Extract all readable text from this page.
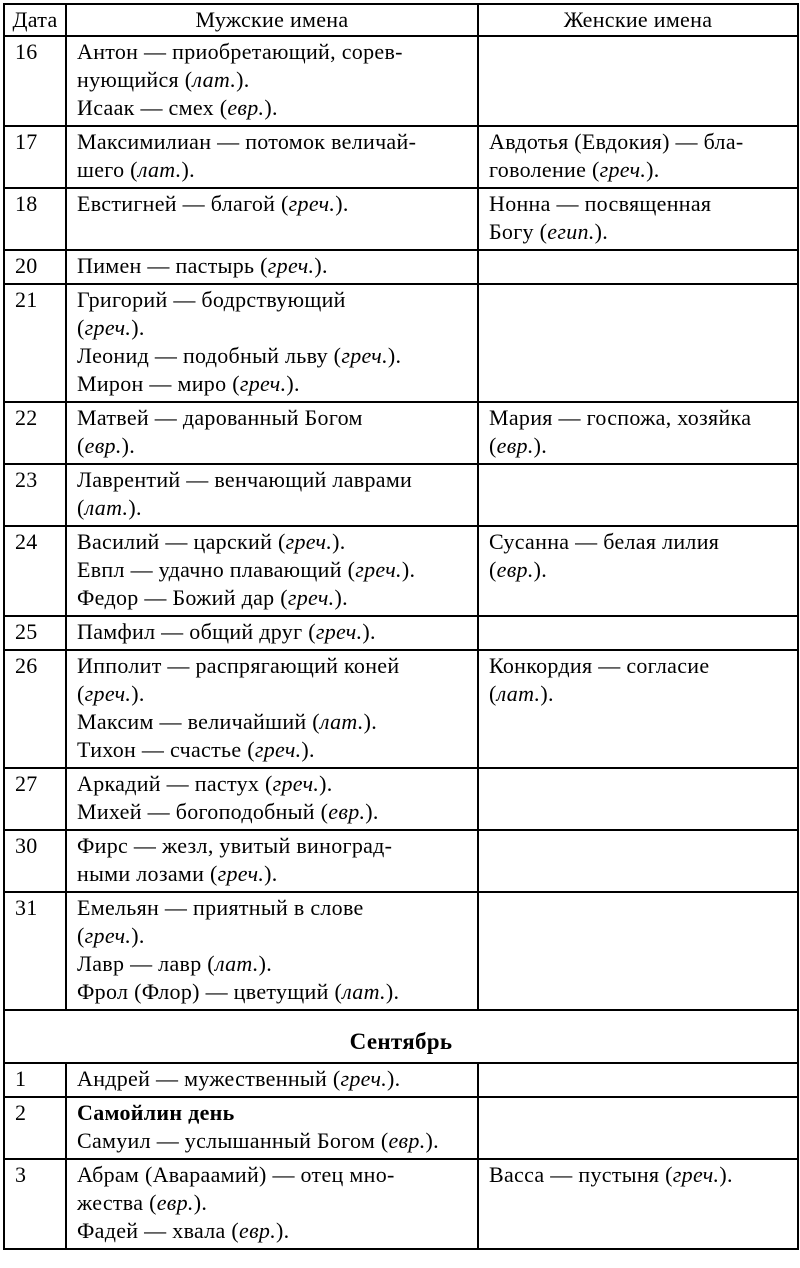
Дата	Мужские имена	Женские имена
16	Антон — приобретающий, сорев-
нующийся (лат.).
Исаак — смех (евр.).	
17	Максимилиан — потомок величай-
шего (лат.).	Авдотья (Евдокия) — бла-
говоление (греч.).
18	Евстигней — благой (греч.).	Нонна — посвященная
Богу (егип.).
20	Пимен — пастырь (греч.).	
21	Григорий — бодрствующий
(греч.).
Леонид — подобный льву (греч.).
Мирон — миро (греч.).	
22	Матвей — дарованный Богом
(евр.).	Мария — госпожа, хозяйка
(евр.).
23	Лаврентий — венчающий лаврами
(лат.).	
24	Василий — царский (греч.).
Евпл — удачно плавающий (греч.).
Федор — Божий дар (греч.).	Сусанна — белая лилия
(евр.).
25	Памфил — общий друг (греч.).	
26	Ипполит — распрягающий коней
(греч.).
Максим — величайший (лат.).
Тихон — счастье (греч.).	Конкордия — согласие
(лат.).
27	Аркадий — пастух (греч.).
Михей — богоподобный (евр.).	
30	Фирс — жезл, увитый виноград-
ными лозами (греч.).	
31	Емельян — приятный в слове
(греч.).
Лавр — лавр (лат.).
Фрол (Флор) — цветущий (лат.).	
Сентябрь		
1	Андрей — мужественный (греч.).	
2	Самойлин день
Самуил — услышанный Богом (евр.).	
3	Абрам (Авараамий) — отец мно-
жества (евр.).
Фадей — хвала (евр.).	Васса — пустыня (греч.).
